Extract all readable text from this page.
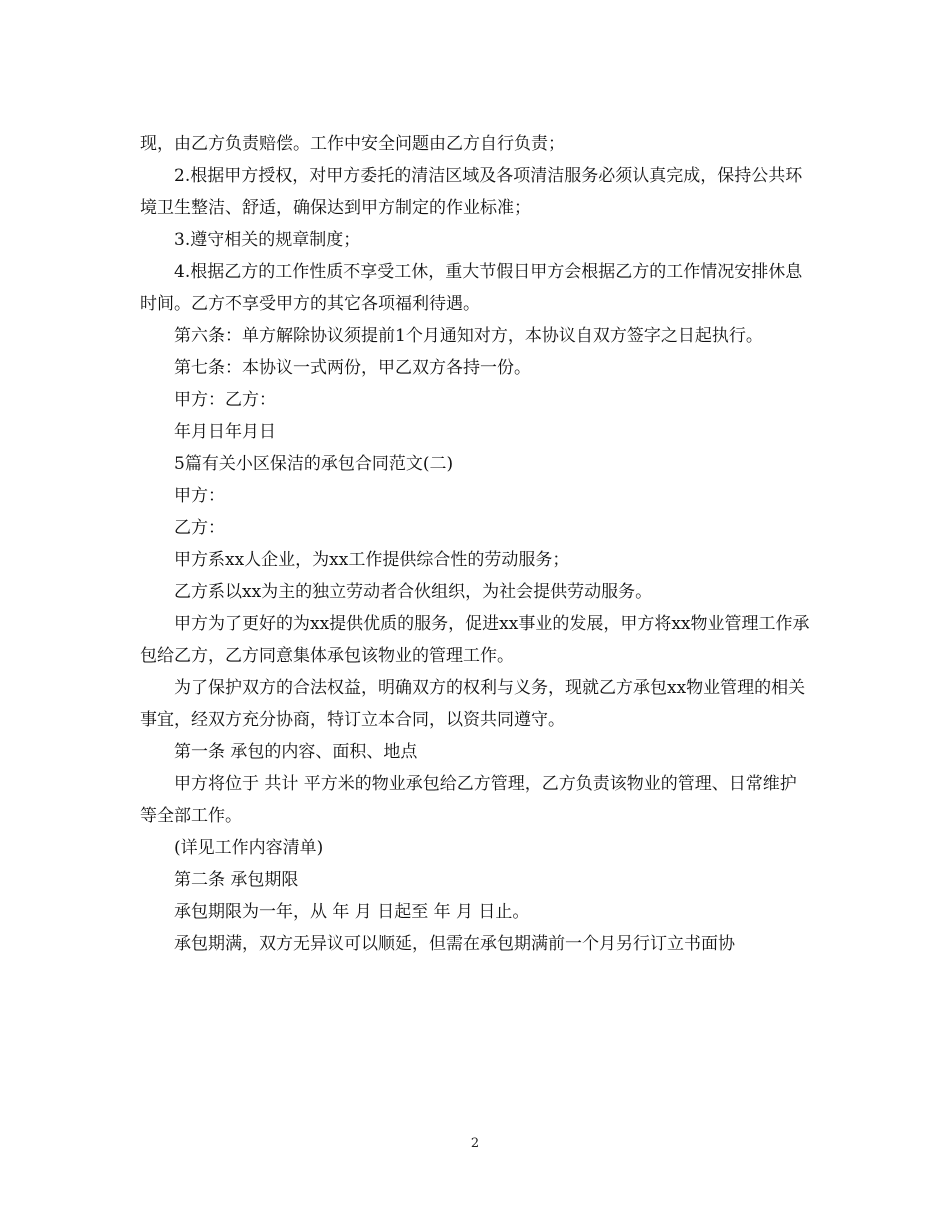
现，由乙方负责赔偿。工作中安全问题由乙方自行负责；

2.根据甲方授权，对甲方委托的清洁区域及各项清洁服务必须认真完成，保持公共环境卫生整洁、舒适，确保达到甲方制定的作业标准；

3.遵守相关的规章制度；

4.根据乙方的工作性质不享受工休，重大节假日甲方会根据乙方的工作情况安排休息时间。乙方不享受甲方的其它各项福利待遇。

第六条：单方解除协议须提前1个月通知对方，本协议自双方签字之日起执行。

第七条：本协议一式两份，甲乙双方各持一份。

甲方：乙方：

年月日年月日

5篇有关小区保洁的承包合同范文(二)

甲方：

乙方：

甲方系xx人企业，为xx工作提供综合性的劳动服务；

乙方系以xx为主的独立劳动者合伙组织，为社会提供劳动服务。

甲方为了更好的为xx提供优质的服务，促进xx事业的发展，甲方将xx物业管理工作承包给乙方，乙方同意集体承包该物业的管理工作。

为了保护双方的合法权益，明确双方的权利与义务，现就乙方承包xx物业管理的相关事宜，经双方充分协商，特订立本合同，以资共同遵守。

第一条 承包的内容、面积、地点

甲方将位于 共计 平方米的物业承包给乙方管理，乙方负责该物业的管理、日常维护等全部工作。

(详见工作内容清单)

第二条 承包期限

承包期限为一年，从 年 月 日起至 年 月 日止。

承包期满，双方无异议可以顺延，但需在承包期满前一个月另行订立书面协

2
